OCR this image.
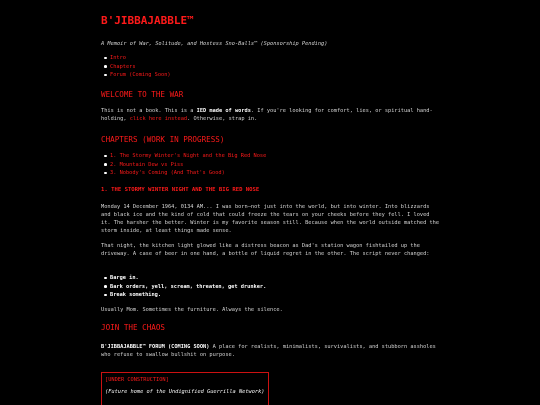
B'JIBBAJABBLE™

A Memoir of War, Solitude, and Hostess Sno-Balls™ (Sponsorship Pending)

Intro
Chapters
Forum (Coming Soon)
WELCOME TO THE WAR

This is not a book. This is a IED made of words. If you're looking for comfort, lies, or spiritual hand-holding, click here instead. Otherwise, strap in.

CHAPTERS (WORK IN PROGRESS)
1. The Stormy Winter's Night and the Big Red Nose
2. Mountain Dew vs Piss
3. Nobody's Coming (And That's Good)
1. THE STORMY WINTER NIGHT AND THE BIG RED NOSE

Monday 14 December 1964, 0134 AM... I was born—not just into the world, but into winter. Into blizzards and black ice and the kind of cold that could freeze the tears on your cheeks before they fell. I loved it. The harsher the better. Winter is my favorite season still. Because when the world outside matched the storm inside, at least things made sense.

That night, the kitchen light glowed like a distress beacon as Dad's station wagon fishtailed up the driveway. A case of beer in one hand, a bottle of liquid regret in the other. The script never changed:

Barge in.
Bark orders, yell, scream, threaten, get drunker.
Break something.

Usually Mom. Sometimes the furniture. Always the silence.

JOIN THE CHAOS

B'JIBBAJABBLE™ FORUM (COMING SOON) A place for realists, minimalists, survivalists, and stubborn assholes who refuse to swallow bullshit on purpose.

[UNDER CONSTRUCTION]
(Future home of the Undignified Guerrilla Network)
